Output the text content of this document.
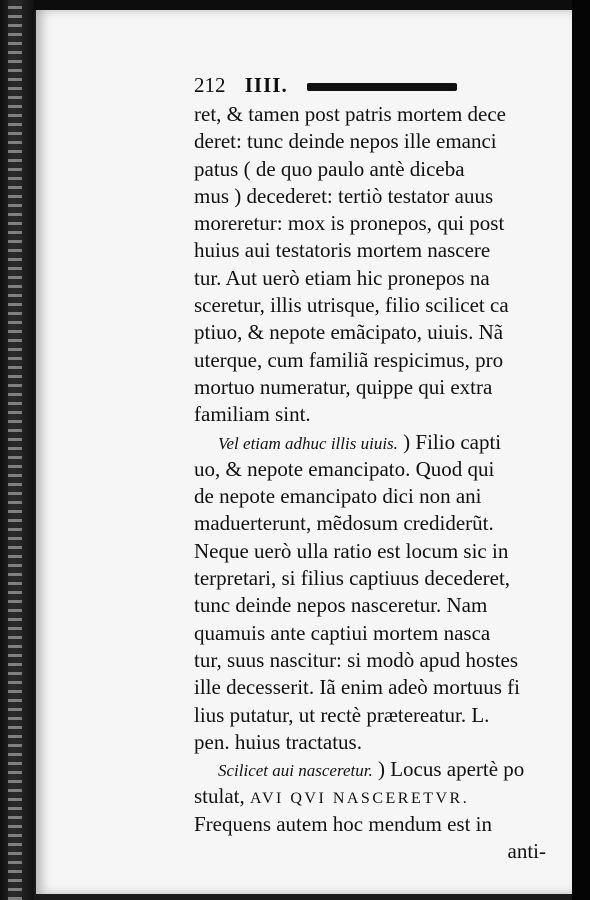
212 IIII.
ret, & tamen post patris mortem dece
deret: tunc deinde nepos ille emanci
patus ( de quo paulo antè diceba
mus ) decederet: tertiò testator auus
moreretur: mox is pronepos, qui post
huius aui testatoris mortem nascere
tur. Aut uerò etiam hic pronepos na
sceretur, illis utrisque, filio scilicet ca
ptiuo, & nepote emãcipato, uiuis. Nã
uterque, cum familiã respicimus, pro
mortuo numeratur, quippe qui extra
familiam sint.
Vel etiam adhuc illis uiuis. ) Filio capti
uo, & nepote emancipato. Quod qui
de nepote emancipato dici non ani
maduerterunt, mẽdosum crediderũt.
Neque uerò ulla ratio est locum sic in
terpretari, si filius captiuus decederet,
tunc deinde nepos nasceretur. Nam
quamuis ante captiui mortem nasca
tur, suus nascitur: si modò apud hostes
ille decesserit. Iã enim adeò mortuus fi
lius putatur, ut rectè prætereatur. L.
pen. huius tractatus.
Scilicet aui nasceretur. ) Locus apertè po
stulat, AVI QVI NASCERETVR.
Frequens autem hoc mendum est in
anti-
